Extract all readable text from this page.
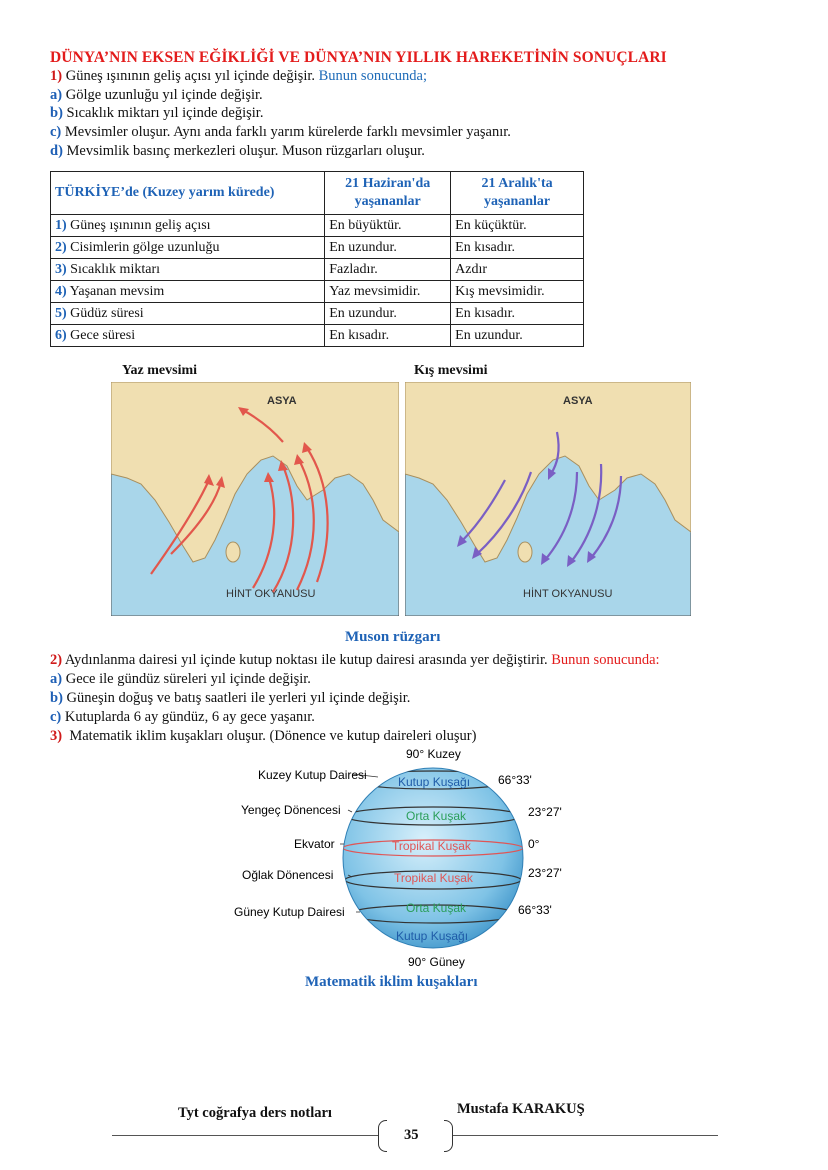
DÜNYA’NIN EKSEN EĞİKLİĞİ VE DÜNYA’NIN YILLIK HAREKETİNİN SONUÇLARI
1) Güneş ışınının geliş açısı yıl içinde değişir. Bunun sonucunda;
a) Gölge uzunluğu yıl içinde değişir.
b) Sıcaklık miktarı yıl içinde değişir.
c) Mevsimler oluşur. Aynı anda farklı yarım kürelerde farklı mevsimler yaşanır.
d) Mevsimlik basınç merkezleri oluşur. Muson rüzgarları oluşur.
TÜRKİYE’de (Kuzey yarım kürede)	21 Haziran'da yaşananlar	21 Aralık'ta yaşananlar

1) Güneş ışınının geliş açısı	En büyüktür.	En küçüktür.
2) Cisimlerin gölge uzunluğu	En uzundur.	En kısadır.
3) Sıcaklık miktarı	Fazladır.	Azdır
4) Yaşanan mevsim	Yaz mevsimidir.	Kış mevsimidir.
5) Güdüz süresi	En uzundur.	En kısadır.
6) Gece süresi	En kısadır.	En uzundur.
Yaz mevsimi	Kış mevsimi
ASYA
HİNT OKYANUSU
ASYA
HİNT OKYANUSU
Muson rüzgarı
2) Aydınlanma dairesi yıl içinde kutup noktası ile kutup dairesi arasında yer değiştirir. Bunun sonucunda:
a) Gece ile gündüz süreleri yıl içinde değişir.
b) Güneşin doğuş ve batış saatleri ile yerleri yıl içinde değişir.
c) Kutuplarda 6 ay gündüz, 6 ay gece yaşanır.
3) Matematik iklim kuşakları oluşur. (Dönence ve kutup daireleri oluşur)
90° Kuzey
90° Güney
Kuzey Kutup Dairesi
Yengeç Dönencesi
Ekvator
Oğlak Dönencesi
Güney Kutup Dairesi
66°33'
23°27'
0°
23°27'
66°33'
Kutup Kuşağı
Orta Kuşak
Tropikal Kuşak
Tropikal Kuşak
Orta Kuşak
Kutup Kuşağı
Matematik iklim kuşakları
Tyt coğrafya ders notları	Mustafa KARAKUŞ
35
